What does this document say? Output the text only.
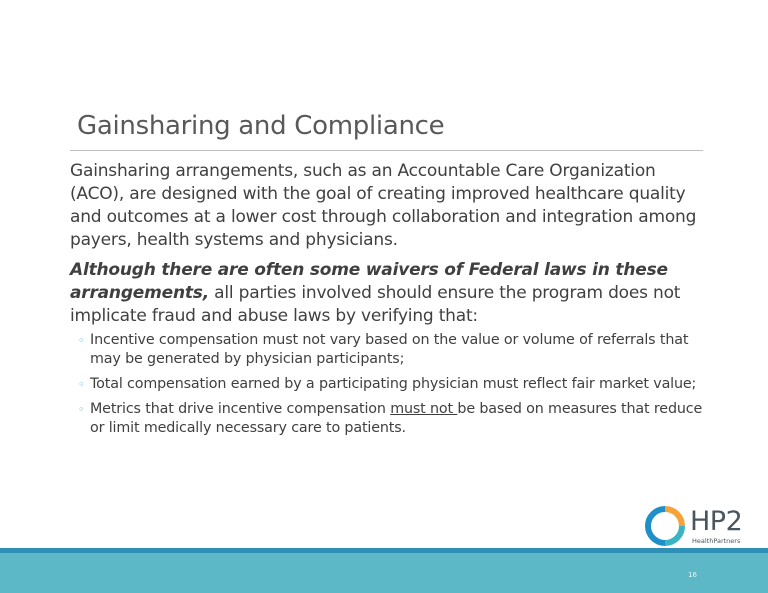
Gainsharing and Compliance

Gainsharing arrangements, such as an Accountable Care Organization (ACO), are designed with the goal of creating improved healthcare quality and outcomes at a lower cost through collaboration and integration among payers, health systems and physicians.

Although there are often some waivers of Federal laws in these arrangements, all parties involved should ensure the program does not implicate fraud and abuse laws by verifying that:

◦ Incentive compensation must not vary based on the value or volume of referrals that may be generated by physician participants;
◦ Total compensation earned by a participating physician must reflect fair market value;
◦ Metrics that drive incentive compensation must not be based on measures that reduce or limit medically necessary care to patients.
HP2
HealthPartners
16
